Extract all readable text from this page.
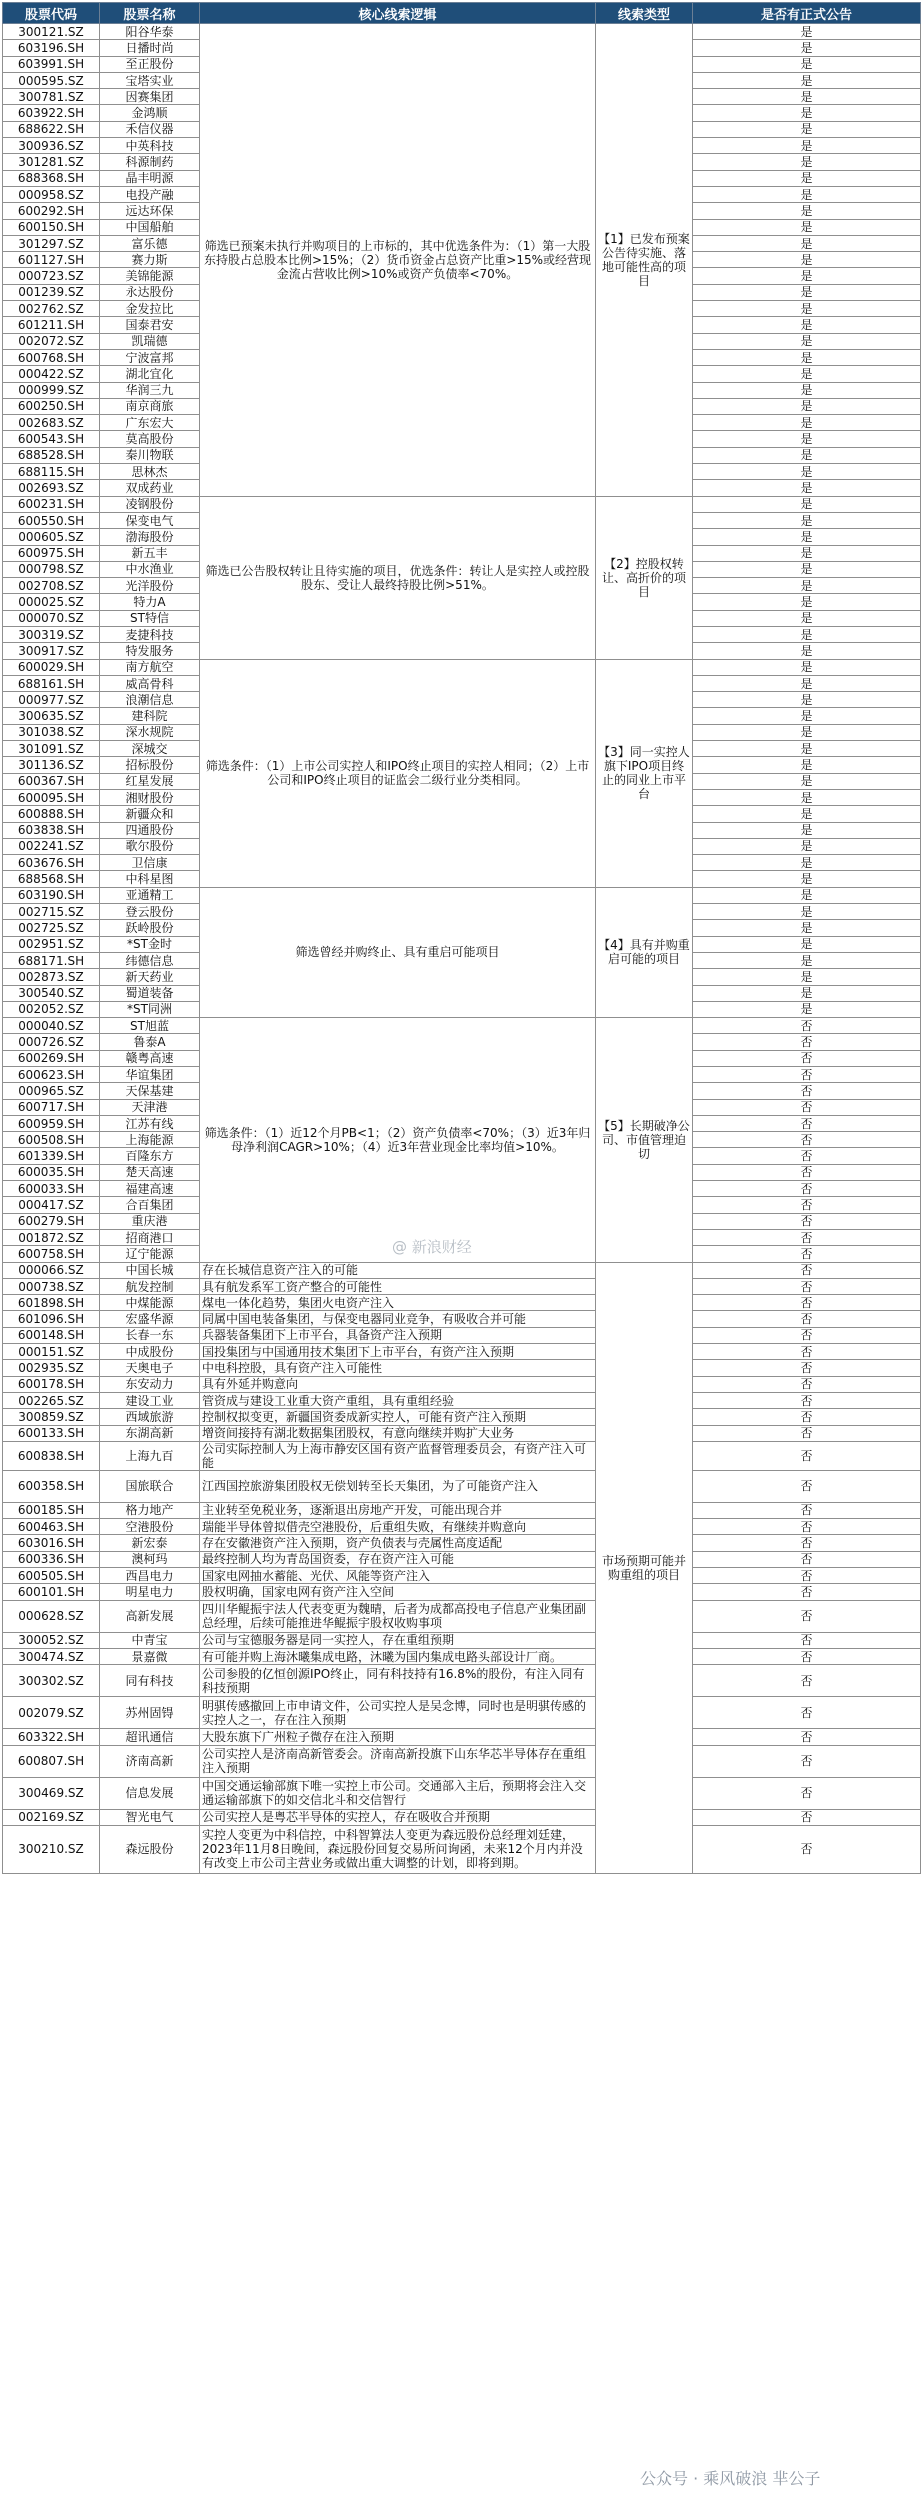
股票代码	股票名称	核心线索逻辑	线索类型	是否有正式公告
300121.SZ	阳谷华泰	筛选已预案未执行并购项目的上市标的，其中优选条件为：（1）第一大股东持股占总股本比例>15%；（2）货币资金占总资产比重>15%或经营现金流占营收比例>10%或资产负债率<70%。	【1】已发布预案公告待实施、落地可能性高的项目	是
603196.SH	日播时尚			是
603991.SH	至正股份			是
000595.SZ	宝塔实业			是
300781.SZ	因赛集团			是
603922.SH	金鸿顺			是
688622.SH	禾信仪器			是
300936.SZ	中英科技			是
301281.SZ	科源制药			是
688368.SH	晶丰明源			是
000958.SZ	电投产融			是
600292.SH	远达环保			是
600150.SH	中国船舶			是
301297.SZ	富乐德			是
601127.SH	赛力斯			是
000723.SZ	美锦能源			是
001239.SZ	永达股份			是
002762.SZ	金发拉比			是
601211.SH	国泰君安			是
002072.SZ	凯瑞德			是
600768.SH	宁波富邦			是
000422.SZ	湖北宜化			是
000999.SZ	华润三九			是
600250.SH	南京商旅			是
002683.SZ	广东宏大			是
600543.SH	莫高股份			是
688528.SH	秦川物联			是
688115.SH	思林杰			是
002693.SZ	双成药业			是
600231.SH	凌钢股份	筛选已公告股权转让且待实施的项目，优选条件：转让人是实控人或控股股东、受让人最终持股比例>51%。	【2】控股权转让、高折价的项目	是
600550.SH	保变电气			是
000605.SZ	渤海股份			是
600975.SH	新五丰			是
000798.SZ	中水渔业			是
002708.SZ	光洋股份			是
000025.SZ	特力A			是
000070.SZ	ST特信			是
300319.SZ	麦捷科技			是
300917.SZ	特发服务			是
600029.SH	南方航空	筛选条件：（1）上市公司实控人和IPO终止项目的实控人相同；（2）上市公司和IPO终止项目的证监会二级行业分类相同。	【3】同一实控人旗下IPO项目终止的同业上市平台	是
688161.SH	威高骨科			是
000977.SZ	浪潮信息			是
300635.SZ	建科院			是
301038.SZ	深水规院			是
301091.SZ	深城交			是
301136.SZ	招标股份			是
600367.SH	红星发展			是
600095.SH	湘财股份			是
600888.SH	新疆众和			是
603838.SH	四通股份			是
002241.SZ	歌尔股份			是
603676.SH	卫信康			是
688568.SH	中科星图			是
603190.SH	亚通精工	筛选曾经并购终止、具有重启可能项目	【4】具有并购重启可能的项目	是
002715.SZ	登云股份			是
002725.SZ	跃岭股份			是
002951.SZ	*ST金时			是
688171.SH	纬德信息			是
002873.SZ	新天药业			是
300540.SZ	蜀道装备			是
002052.SZ	*ST同洲			是
000040.SZ	ST旭蓝	筛选条件：（1）近12个月PB<1；（2）资产负债率<70%；（3）近3年归母净利润CAGR>10%；（4）近3年营业现金比率均值>10%。	【5】长期破净公司、市值管理迫切	否
000726.SZ	鲁泰A			否
600269.SH	赣粤高速			否
600623.SH	华谊集团			否
000965.SZ	天保基建			否
600717.SH	天津港			否
600959.SH	江苏有线			否
600508.SH	上海能源			否
601339.SH	百隆东方			否
600035.SH	楚天高速			否
600033.SH	福建高速			否
000417.SZ	合百集团			否
600279.SH	重庆港			否
001872.SZ	招商港口			否
600758.SH	辽宁能源			否
000066.SZ	中国长城	存在长城信息资产注入的可能	市场预期可能并购重组的项目	否
000738.SZ	航发控制	具有航发系军工资产整合的可能性		否
601898.SH	中煤能源	煤电一体化趋势，集团火电资产注入		否
601096.SH	宏盛华源	同属中国电装备集团，与保变电器同业竞争，有吸收合并可能		否
600148.SH	长春一东	兵器装备集团下上市平台，具备资产注入预期		否
000151.SZ	中成股份	国投集团与中国通用技术集团下上市平台，有资产注入预期		否
002935.SZ	天奥电子	中电科控股，具有资产注入可能性		否
600178.SH	东安动力	具有外延并购意向		否
002265.SZ	建设工业	管资成与建设工业重大资产重组，具有重组经验		否
300859.SZ	西域旅游	控制权拟变更，新疆国资委成新实控人，可能有资产注入预期		否
600133.SH	东湖高新	增资间接持有湖北数据集团股权，有意向继续并购扩大业务		否
600838.SH	上海九百	公司实际控制人为上海市静安区国有资产监督管理委员会，有资产注入可能		否
600358.SH	国旅联合	江西国控旅游集团股权无偿划转至长天集团，为了可能资产注入		否
600185.SH	格力地产	主业转至免税业务，逐渐退出房地产开发，可能出现合并		否
600463.SH	空港股份	瑞能半导体曾拟借壳空港股份，后重组失败，有继续并购意向		否
603016.SH	新宏泰	存在安徽港资产注入预期，资产负债表与壳属性高度适配		否
600336.SH	澳柯玛	最终控制人均为青岛国资委，存在资产注入可能		否
600505.SH	西昌电力	国家电网抽水蓄能、光伏、风能等资产注入		否
600101.SH	明星电力	股权明确，国家电网有资产注入空间		否
000628.SZ	高新发展	四川华鲲振宇法人代表变更为魏晴，后者为成都高投电子信息产业集团副总经理，后续可能推进华鲲振宇股权收购事项		否
300052.SZ	中青宝	公司与宝德服务器是同一实控人，存在重组预期		否
300474.SZ	景嘉微	有可能并购上海沐曦集成电路，沐曦为国内集成电路头部设计厂商。		否
300302.SZ	同有科技	公司参股的亿恒创源IPO终止，同有科技持有16.8%的股份，有注入同有科技预期		否
002079.SZ	苏州固锝	明骐传感撤回上市申请文件，公司实控人是吴念博，同时也是明骐传感的实控人之一，存在注入预期		否
603322.SH	超讯通信	大股东旗下广州粒子微存在注入预期		否
600807.SH	济南高新	公司实控人是济南高新管委会。济南高新投旗下山东华芯半导体存在重组注入预期		否
300469.SZ	信息发展	中国交通运输部旗下唯一实控上市公司。交通部入主后，预期将会注入交通运输部旗下的如交信北斗和交信智行		否
002169.SZ	智光电气	公司实控人是粤芯半导体的实控人，存在吸收合并预期		否
300210.SZ	森远股份	实控人变更为中科信控，中科智算法人变更为森远股份总经理刘廷建，2023年11月8日晚间，森远股份回复交易所问询函，未来12个月内并没有改变上市公司主营业务或做出重大调整的计划，即将到期。		否
@ 新浪财经
公众号 · 乘风破浪 芈公子
